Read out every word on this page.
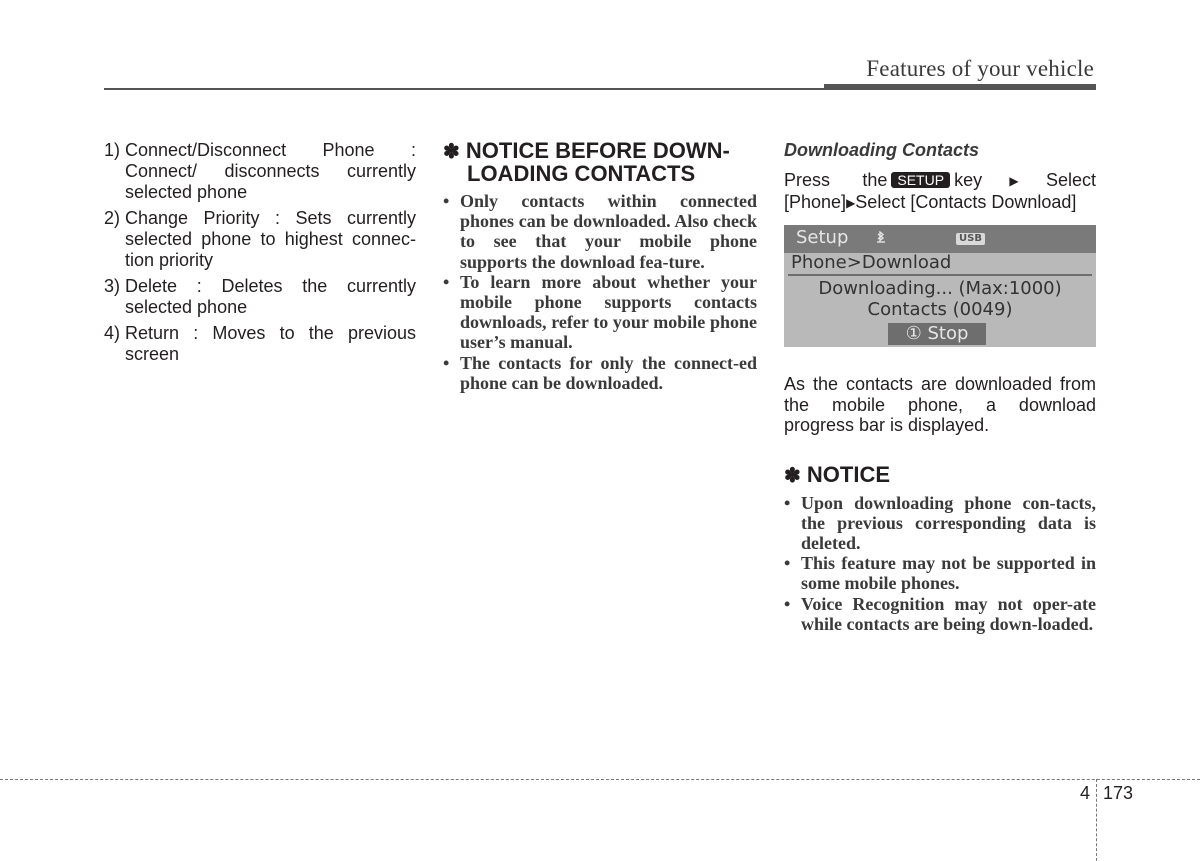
Features of your vehicle
1) Connect/Disconnect Phone : Connect/ disconnects currently selected phone
2) Change Priority : Sets currently selected phone to highest connec-tion priority
3) Delete : Deletes the currently selected phone
4) Return : Moves to the previous screen
✽ NOTICE BEFORE DOWN-
LOADING CONTACTS
• Only contacts within connected phones can be downloaded. Also check to see that your mobile phone supports the download fea-ture.
• To learn more about whether your mobile phone supports contacts downloads, refer to your mobile phone user’s manual.
• The contacts for only the connect-ed phone can be downloaded.

Downloading Contacts

Press the SETUP key▶Select [Phone]▶Select [Contacts Download]

Setup	USB
Phone>Download
Downloading... (Max:1000)
Contacts (0049)
① Stop

As the contacts are downloaded from the mobile phone, a download progress bar is displayed.

✽ NOTICE
• Upon downloading phone con-tacts, the previous corresponding data is deleted.
• This feature may not be supported in some mobile phones.
• Voice Recognition may not oper-ate while contacts are being down-loaded.
4 173
